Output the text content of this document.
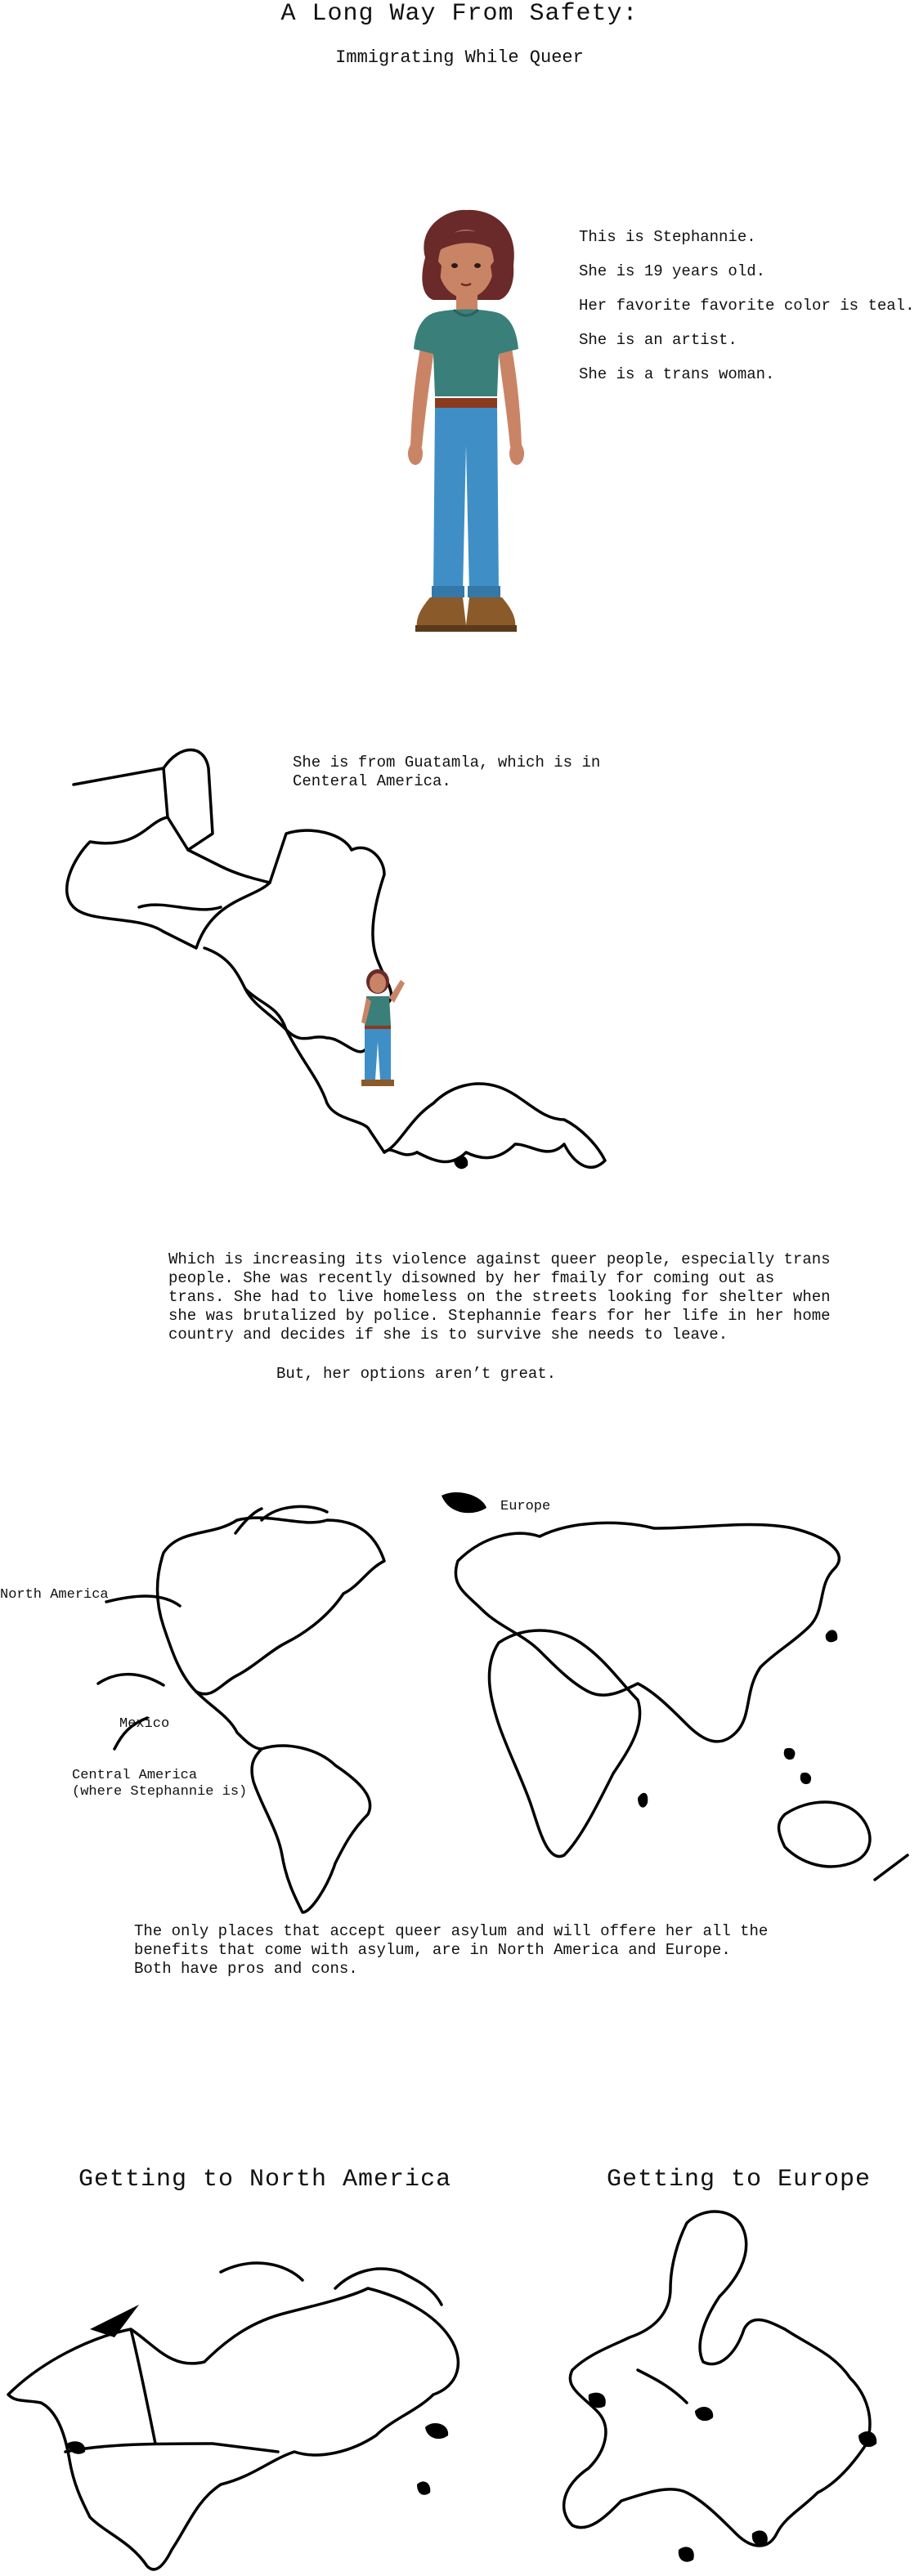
A Long Way From Safety:
Immigrating While Queer
This is Stephannie.
She is 19 years old.
Her favorite favorite color is teal.
She is an artist.
She is a trans woman.
She is from Guatamla, which is in Centeral America.
Which is increasing its violence against queer people, especially trans people. She was recently disowned by her fmaily for coming out as trans. She had to live homeless on the streets looking for shelter when she was brutalized by police. Stephannie fears for her life in her home country and decides if she is to survive she needs to leave.
But, her options aren’t great.
Europe
North America
Mexico
Central America
(where Stephannie is)
The only places that accept queer asylum and will offere her all the benefits that come with asylum, are in North America and Europe. Both have pros and cons.
Getting to North America	Getting to Europe
